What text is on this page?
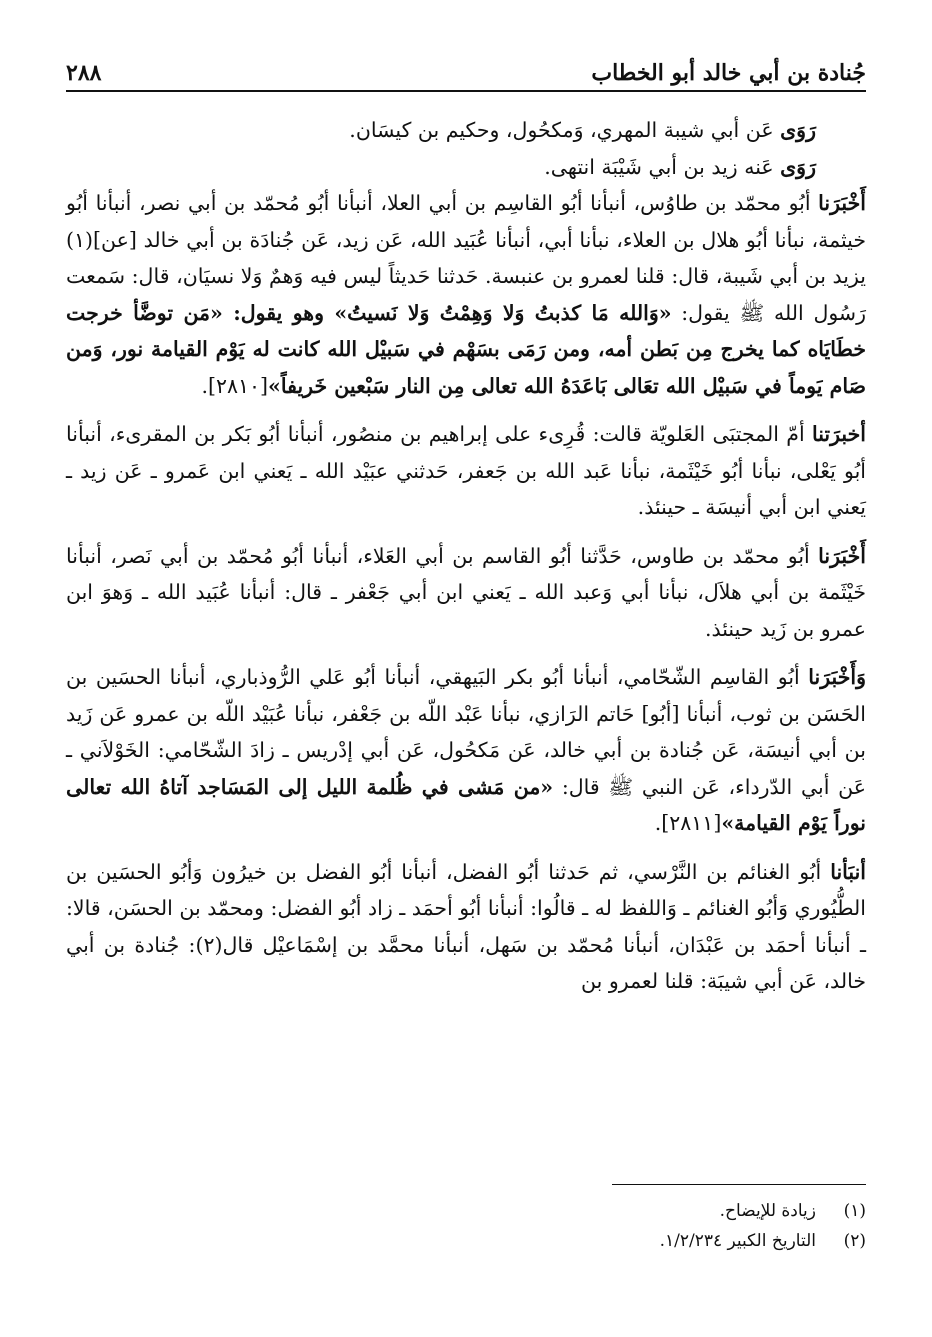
جُنادة بن أبي خالد أبو الخطاب
٢٨٨

رَوَى عَن أبي شيبة المهري، وَمكحُول، وحكيم بن كيسَان.

رَوَى عَنه زيد بن أبي شَيْبَة انتهى.

أَخْبَرَنا أبُو محمّد بن طاوُس، أنبأنا أبُو القاسِم بن أبي العلا، أنبأنا أبُو مُحمّد بن أبي نصر، أنبأنا أبُو خيثمة، نبأنا أبُو هلال بن العلاء، نبأنا أبي، أنبأنا عُبَيد الله، عَن زيد، عَن جُنادَة بن أبي خالد [عن](١) يزيد بن أبي شَيبة، قال: قلنا لعمرو بن عنبسة. حَدثنا حَديثاً ليس فيه وَهمٌ وَلا نسيَان، قال: سَمعت رَسُول الله ﷺ يقول: «وَالله مَا كذبتُ وَلا وَهِمْتُ وَلا نَسيتُ» وهو يقول: «مَن توضَّأ خرجت خطَايَاه كما يخرج مِن بَطن أمه، ومن رَمَى بسَهْم في سَبيْل الله كانت له يَوْم القيامة نور، وَمن صَام يَوماً في سَبيْل الله تعَالى بَاعَدَهُ الله تعالى مِن النار سَبْعين خَريفاً»[٢٨١٠].

أخبرَتنا أمّ المجتبَى العَلويّة قالت: قُرِىء على إبراهيم بن منصُور، أنبأنا أبُو بَكر بن المقرىء، أنبأنا أبُو يَعْلى، نبأنا أبُو خَيْثَمة، نبأنا عَبد الله بن جَعفر، حَدثني عبَيْد الله ـ يَعني ابن عَمرو ـ عَن زيد ـ يَعني ابن أبي أنيسَة ـ حينئذ.

أَخْبَرَنا أبُو محمّد بن طاوس، حَدَّثنا أبُو القاسم بن أبي العَلاء، أنبأنا أبُو مُحمّد بن أبي نَصر، أنبأنا خَيْثَمة بن أبي هلاَل، نبأنا أبي وَعبد الله ـ يَعني ابن أبي جَعْفر ـ قال: أنبأنا عُبَيد الله ـ وَهوَ ابن عمرو بن زَيد حينئذ.

وَأَخْبَرَنا أبُو القاسِم الشّحّامي، أنبأنا أبُو بكر البَيهقي، أنبأنا أبُو عَلي الرُّوذباري، أنبأنا الحسَين بن الحَسَن بن ثوب، أنبأنا [أبُو] حَاتم الرَازي، نبأنا عَبْد اللّه بن جَعْفر، نبأنا عُبَيْد اللّه بن عمرو عَن زَيد بن أبي أنيسَة، عَن جُنادة بن أبي خالد، عَن مَكحُول، عَن أبي إدْريس ـ زادَ الشّحّامي: الخَوْلاَني ـ عَن أبي الدّرداء، عَن النبي ﷺ قال: «من مَشى في ظُلمة الليل إلى المَسَاجد آتاهُ الله تعالى نوراً يَوْم القيامة»[٢٨١١].

أنبَأنا أبُو الغنائم بن النَّرْسي، ثم حَدثنا أبُو الفضل، أنبأنا أبُو الفضل بن خيرُون وَأبُو الحسَين بن الطُّيُوري وَأبُو الغنائم ـ وَاللفظ له ـ قالُوا: أنبأنا أبُو أحمَد ـ زاد أبُو الفضل: ومحمّد بن الحسَن، قالا: ـ أنبأنا أحمَد بن عَبْدَان، أنبأنا مُحمّد بن سَهل، أنبأنا محمَّد بن إسْمَاعيْل قال(٢): جُنادة بن أبي خالد، عَن أبي شيبَة: قلنا لعمرو بن

(١)
زيادة للإيضاح.
(٢)
التاريخ الكبير ١/٢/٢٣٤.
